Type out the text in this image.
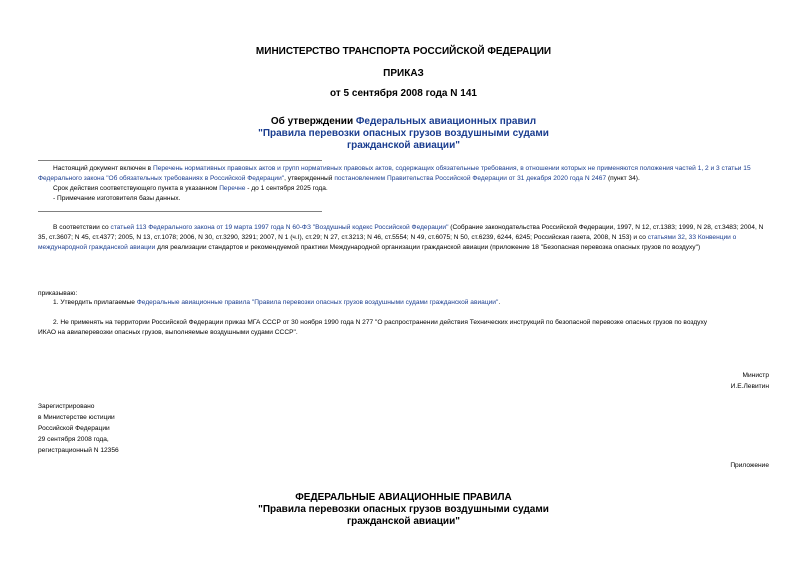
МИНИСТЕРСТВО ТРАНСПОРТА РОССИЙСКОЙ ФЕДЕРАЦИИ
ПРИКАЗ
от 5 сентября 2008 года N 141
Об утверждении Федеральных авиационных правил
"Правила перевозки опасных грузов воздушными судами
гражданской авиации"
Настоящий документ включен в Перечень нормативных правовых актов и групп нормативных правовых актов, содержащих обязательные требования, в отношении которых не применяются положения частей 1, 2 и 3 статьи 15 Федерального закона "Об обязательных требованиях в Российской Федерации", утвержденный постановлением Правительства Российской Федерации от 31 декабря 2020 года N 2467 (пункт 34).
Срок действия соответствующего пункта в указанном Перечне - до 1 сентября 2025 года.
- Примечание изготовителя базы данных.
В соответствии со статьей 113 Федерального закона от 19 марта 1997 года N 60-ФЗ "Воздушный кодекс Российской Федерации" (Собрание законодательства Российской Федерации, 1997, N 12, ст.1383; 1999, N 28, ст.3483; 2004, N 35, ст.3607; N 45, ст.4377; 2005, N 13, ст.1078; 2006, N 30, ст.3290, 3291; 2007, N 1 (ч.I), ст.29; N 27, ст.3213; N 46, ст.5554; N 49, ст.6075; N 50, ст.6239, 6244, 6245; Российская газета, 2008, N 153) и со статьями 32, 33 Конвенции о международной гражданской авиации для реализации стандартов и рекомендуемой практики Международной организации гражданской авиации (приложение 18 "Безопасная перевозка опасных грузов по воздуху")
приказываю:
1. Утвердить прилагаемые Федеральные авиационные правила "Правила перевозки опасных грузов воздушными судами гражданской авиации".
2. Не применять на территории Российской Федерации приказ МГА СССР от 30 ноября 1990 года N 277 "О распространении действия Технических инструкций по безопасной перевозке опасных грузов по воздуху
ИКАО на авиаперевозки опасных грузов, выполняемые воздушными судами СССР".
Министр
И.Е.Левитин
Зарегистрировано
в Министерстве юстиции
Российской Федерации
29 сентября 2008 года,
регистрационный N 12356
Приложение
ФЕДЕРАЛЬНЫЕ АВИАЦИОННЫЕ ПРАВИЛА
"Правила перевозки опасных грузов воздушными судами
гражданской авиации"
